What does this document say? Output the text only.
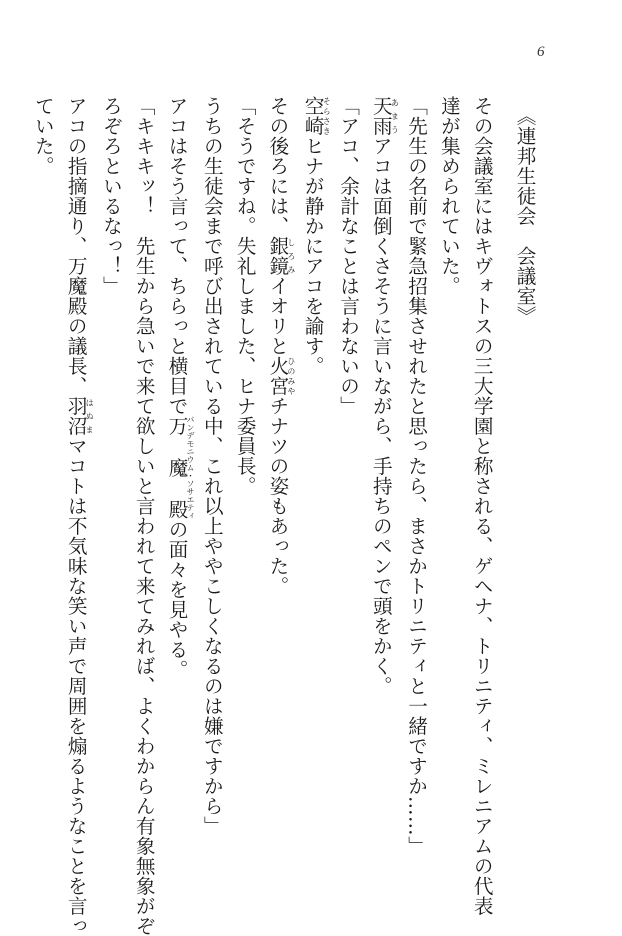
6

《連邦生徒会　会議室》

その会議室にはキヴォトスの三大学園と称される、ゲヘナ、トリニティ、ミレニアムの代表

達が集められていた。

「先生の名前で緊急招集させれたと思ったら、まさかトリニティと一緒ですか……」

天雨あまうアコは面倒くさそうに言いながら、手持ちのペンで頭をかく。

「アコ、余計なことは言わないの」

空崎そらさきヒナが静かにアコを諭す。

その後ろには、銀鏡しろみイオリと火宮ひのみやチナツの姿もあった。

「そうですね。失礼しました、ヒナ委員長。

うちの生徒会まで呼び出されている中、これ以上ややこしくなるのは嫌ですから」

アコはそう言って、ちらっと横目で万　魔　殿パンデモニウム・ソサエティの面々を見やる。

「キキキッ！　先生から急いで来て欲しいと言われて来てみれば、よくわからん有象無象がぞ

ろぞろといるなっ！」

アコの指摘通り、万魔殿の議長、羽沼はぬまマコトは不気味な笑い声で周囲を煽るようなことを言っ

ていた。
